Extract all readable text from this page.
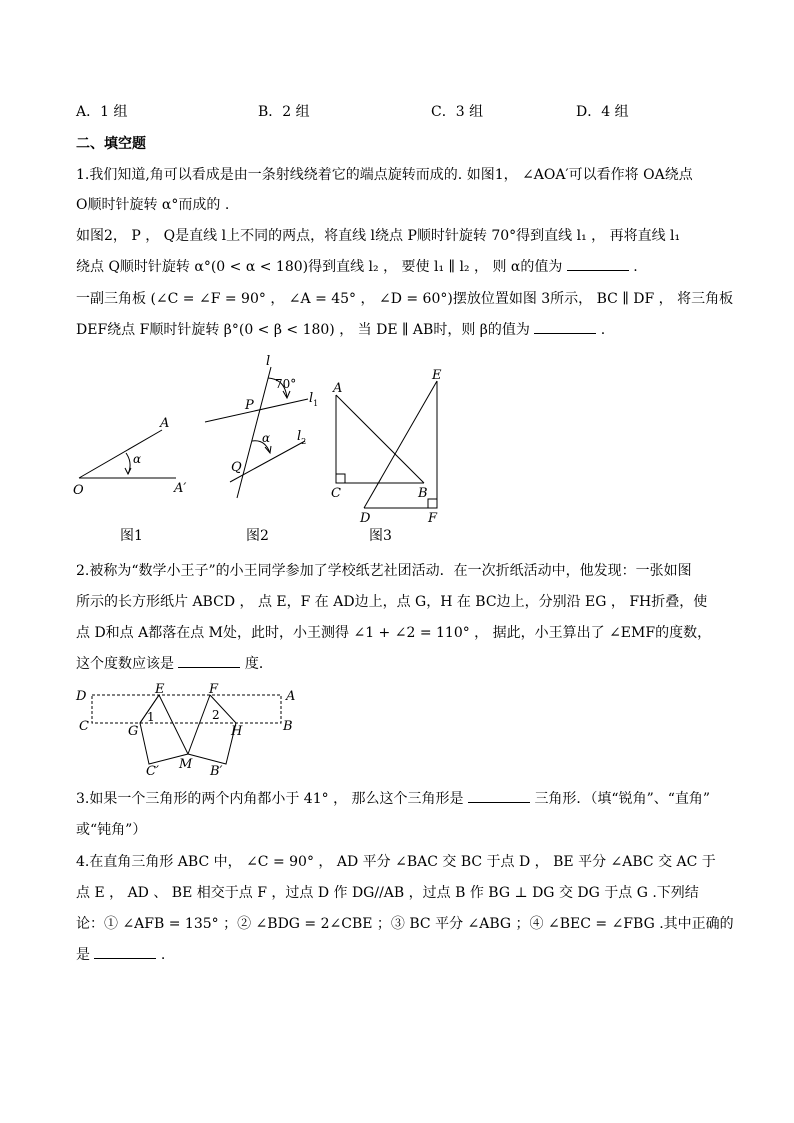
A．1 组	B．2 组	C．3 组	D．4 组
二、填空题
1.我们知道,角可以看成是由一条射线绕着它的端点旋转而成的. 如图1， ∠AOA′可以看作将 OA绕点
O顺时针旋转 α°而成的 .
如图2， P ， Q是直线 l上不同的两点，将直线 l绕点 P顺时针旋转 70°得到直线 l₁ ， 再将直线 l₁
绕点 Q顺时针旋转 α°(0 < α < 180)得到直线 l₂ ， 要使 l₁ ∥ l₂ ， 则 α的值为	.
一副三角板 (∠C = ∠F = 90° ， ∠A = 45° ， ∠D = 60°)摆放位置如图 3所示， BC ∥ DF ， 将三角板
DEF绕点 F顺时针旋转 β°(0 < β < 180) ， 当 DE ∥ AB时，则 β的值为	.
A
α
O	A′
图1
l
70°
P	$l_1$
α $l_2$
Q
图2
A
E
C	B
D	F
图3
2.被称为“数学小王子”的小王同学参加了学校纸艺社团活动．在一次折纸活动中，他发现：一张如图
所示的长方形纸片 ABCD ， 点 E，F 在 AD边上，点 G，H 在 BC边上，分别沿 EG ， FH折叠，使
点 D和点 A都落在点 M处，此时，小王测得 ∠1 + ∠2 = 110° ， 据此，小王算出了 ∠EMF的度数，
这个度数应该是	度．
D	E	F	A
C	G
1	2
H	B
C′ M B′
3.如果一个三角形的两个内角都小于 41° ， 那么这个三角形是	三角形．（填“锐角”、“直角”
或“钝角”）
4.在直角三角形 ABC 中， ∠C = 90° ， AD 平分 ∠BAC 交 BC 于点 D ， BE 平分 ∠ABC 交 AC 于
点 E ， AD 、 BE 相交于点 F ，过点 D 作 DG//AB ，过点 B 作 BG ⊥ DG 交 DG 于点 G .下列结
论：① ∠AFB = 135° ；② ∠BDG = 2∠CBE ；③ BC 平分 ∠ABG ；④ ∠BEC = ∠FBG .其中正确的
是	.
